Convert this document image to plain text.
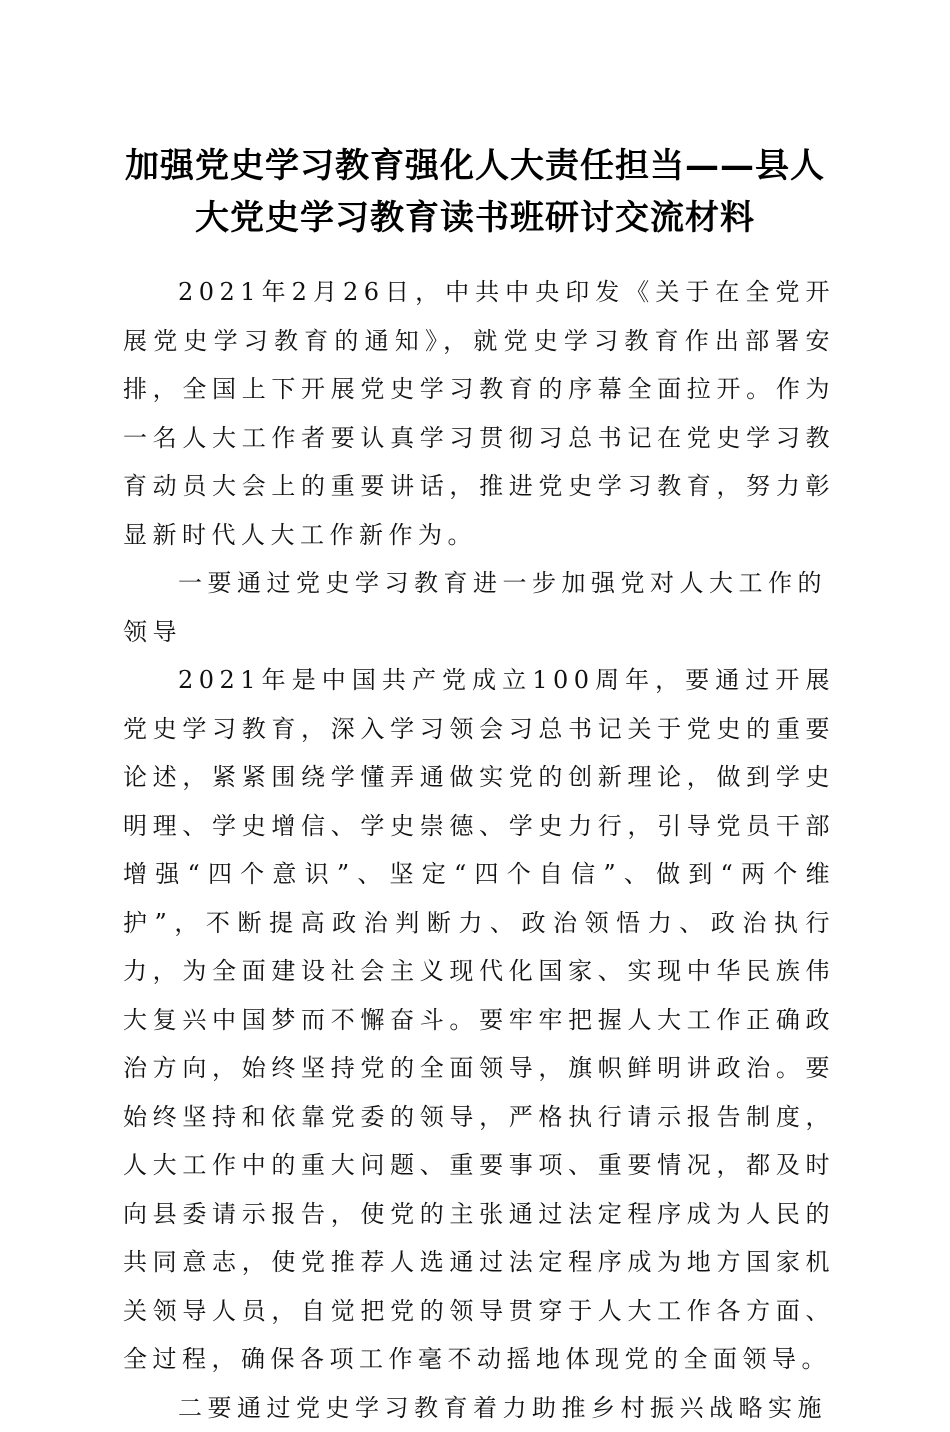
加强党史学习教育强化人大责任担当——县人大党史学习教育读书班研讨交流材料

2021年2月26日，中共中央印发《关于在全党开展党史学习教育的通知》，就党史学习教育作出部署安排，全国上下开展党史学习教育的序幕全面拉开。作为一名人大工作者要认真学习贯彻习总书记在党史学习教育动员大会上的重要讲话，推进党史学习教育，努力彰显新时代人大工作新作为。

一要通过党史学习教育进一步加强党对人大工作的领导

2021年是中国共产党成立100周年，要通过开展党史学习教育，深入学习领会习总书记关于党史的重要论述，紧紧围绕学懂弄通做实党的创新理论，做到学史明理、学史增信、学史崇德、学史力行，引导党员干部增强“四个意识”、坚定“四个自信”、做到“两个维护”，不断提高政治判断力、政治领悟力、政治执行力，为全面建设社会主义现代化国家、实现中华民族伟大复兴中国梦而不懈奋斗。要牢牢把握人大工作正确政治方向，始终坚持党的全面领导，旗帜鲜明讲政治。要始终坚持和依靠党委的领导，严格执行请示报告制度，人大工作中的重大问题、重要事项、重要情况，都及时向县委请示报告，使党的主张通过法定程序成为人民的共同意志，使党推荐人选通过法定程序成为地方国家机关领导人员，自觉把党的领导贯穿于人大工作各方面、全过程，确保各项工作毫不动摇地体现党的全面领导。

二要通过党史学习教育着力助推乡村振兴战略实施
